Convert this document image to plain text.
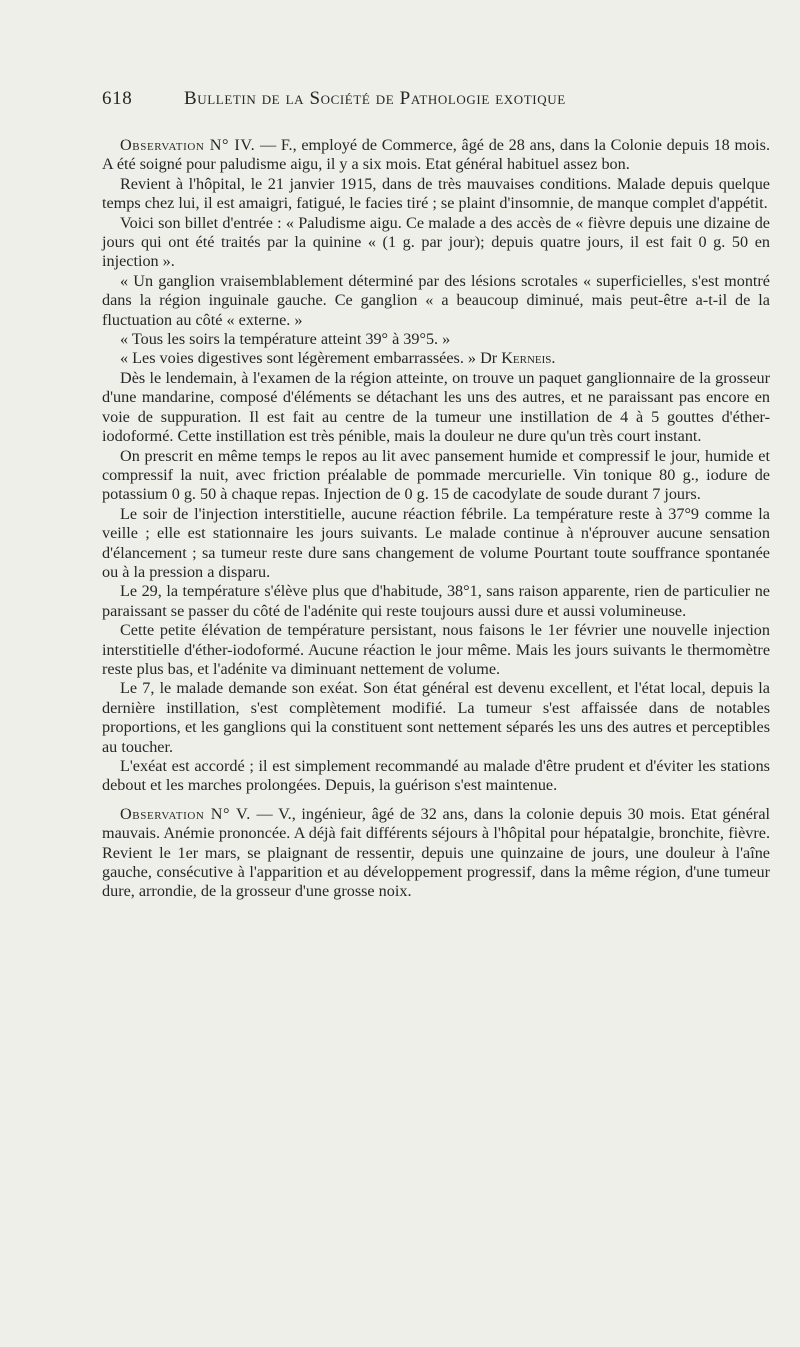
618	Bulletin de la Société de Pathologie exotique

Observation N° IV. — F., employé de Commerce, âgé de 28 ans, dans la Colonie depuis 18 mois. A été soigné pour paludisme aigu, il y a six mois. Etat général habituel assez bon.

Revient à l'hôpital, le 21 janvier 1915, dans de très mauvaises conditions. Malade depuis quelque temps chez lui, il est amaigri, fatigué, le facies tiré ; se plaint d'insomnie, de manque complet d'appétit.

Voici son billet d'entrée : « Paludisme aigu. Ce malade a des accès de « fièvre depuis une dizaine de jours qui ont été traités par la quinine « (1 g. par jour); depuis quatre jours, il est fait 0 g. 50 en injection ».

« Un ganglion vraisemblablement déterminé par des lésions scrotales « superficielles, s'est montré dans la région inguinale gauche. Ce ganglion « a beaucoup diminué, mais peut-être a-t-il de la fluctuation au côté « externe. »

« Tous les soirs la température atteint 39° à 39°5. »

« Les voies digestives sont légèrement embarrassées. » Dr Kerneis.

Dès le lendemain, à l'examen de la région atteinte, on trouve un paquet ganglionnaire de la grosseur d'une mandarine, composé d'éléments se détachant les uns des autres, et ne paraissant pas encore en voie de suppuration. Il est fait au centre de la tumeur une instillation de 4 à 5 gouttes d'éther-iodoformé. Cette instillation est très pénible, mais la douleur ne dure qu'un très court instant.

On prescrit en même temps le repos au lit avec pansement humide et compressif le jour, humide et compressif la nuit, avec friction préalable de pommade mercurielle. Vin tonique 80 g., iodure de potassium 0 g. 50 à chaque repas. Injection de 0 g. 15 de cacodylate de soude durant 7 jours.

Le soir de l'injection interstitielle, aucune réaction fébrile. La température reste à 37°9 comme la veille ; elle est stationnaire les jours suivants. Le malade continue à n'éprouver aucune sensation d'élancement ; sa tumeur reste dure sans changement de volume Pourtant toute souffrance spontanée ou à la pression a disparu.

Le 29, la température s'élève plus que d'habitude, 38°1, sans raison apparente, rien de particulier ne paraissant se passer du côté de l'adénite qui reste toujours aussi dure et aussi volumineuse.

Cette petite élévation de température persistant, nous faisons le 1er février une nouvelle injection interstitielle d'éther-iodoformé. Aucune réaction le jour même. Mais les jours suivants le thermomètre reste plus bas, et l'adénite va diminuant nettement de volume.

Le 7, le malade demande son exéat. Son état général est devenu excellent, et l'état local, depuis la dernière instillation, s'est complètement modifié. La tumeur s'est affaissée dans de notables proportions, et les ganglions qui la constituent sont nettement séparés les uns des autres et perceptibles au toucher.

L'exéat est accordé ; il est simplement recommandé au malade d'être prudent et d'éviter les stations debout et les marches prolongées. Depuis, la guérison s'est maintenue.

Observation N° V. — V., ingénieur, âgé de 32 ans, dans la colonie depuis 30 mois. Etat général mauvais. Anémie prononcée. A déjà fait différents séjours à l'hôpital pour hépatalgie, bronchite, fièvre. Revient le 1er mars, se plaignant de ressentir, depuis une quinzaine de jours, une douleur à l'aîne gauche, consécutive à l'apparition et au développement progressif, dans la même région, d'une tumeur dure, arrondie, de la grosseur d'une grosse noix.
